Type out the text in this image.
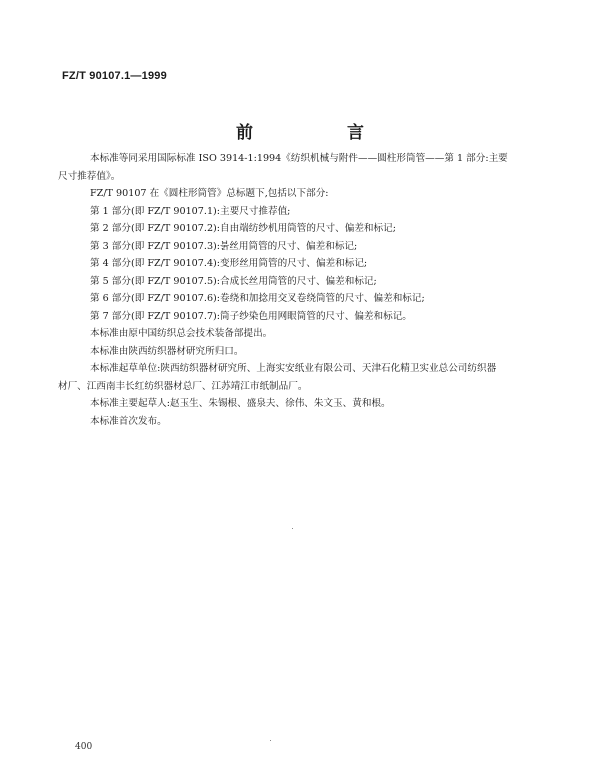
FZ/T 90107.1—1999
前 言
本标准等同采用国际标准 ISO 3914-1:1994《纺织机械与附件——圆柱形筒管——第 1 部分:主要
尺寸推荐值》。
FZ/T 90107 在《圆柱形筒管》总标题下,包括以下部分:
第 1 部分(即 FZ/T 90107.1):主要尺寸推荐值;
第 2 部分(即 FZ/T 90107.2):自由端纺纱机用筒管的尺寸、偏差和标记;
第 3 部分(即 FZ/T 90107.3):붉丝用筒管的尺寸、偏差和标记;
第 4 部分(即 FZ/T 90107.4):变形丝用筒管的尺寸、偏差和标记;
第 5 部分(即 FZ/T 90107.5):合成长丝用筒管的尺寸、偏差和标记;
第 6 部分(即 FZ/T 90107.6):卷绕和加捻用交叉卷绕筒管的尺寸、偏差和标记;
第 7 部分(即 FZ/T 90107.7):筒子纱染色用网眼筒管的尺寸、偏差和标记。
本标准由原中国纺织总会技术装备部提出。
本标准由陕西纺织器材研究所归口。
本标准起草单位:陕西纺织器材研究所、上海实安纸业有限公司、天津石化精卫实业总公司纺织器
材厂、江西南丰长红纺织器材总厂、江苏靖江市纸制品厂。
本标准主要起草人:赵玉生、朱锡根、盛泉夫、徐伟、朱文玉、黄和根。
本标准首次发布。
400
